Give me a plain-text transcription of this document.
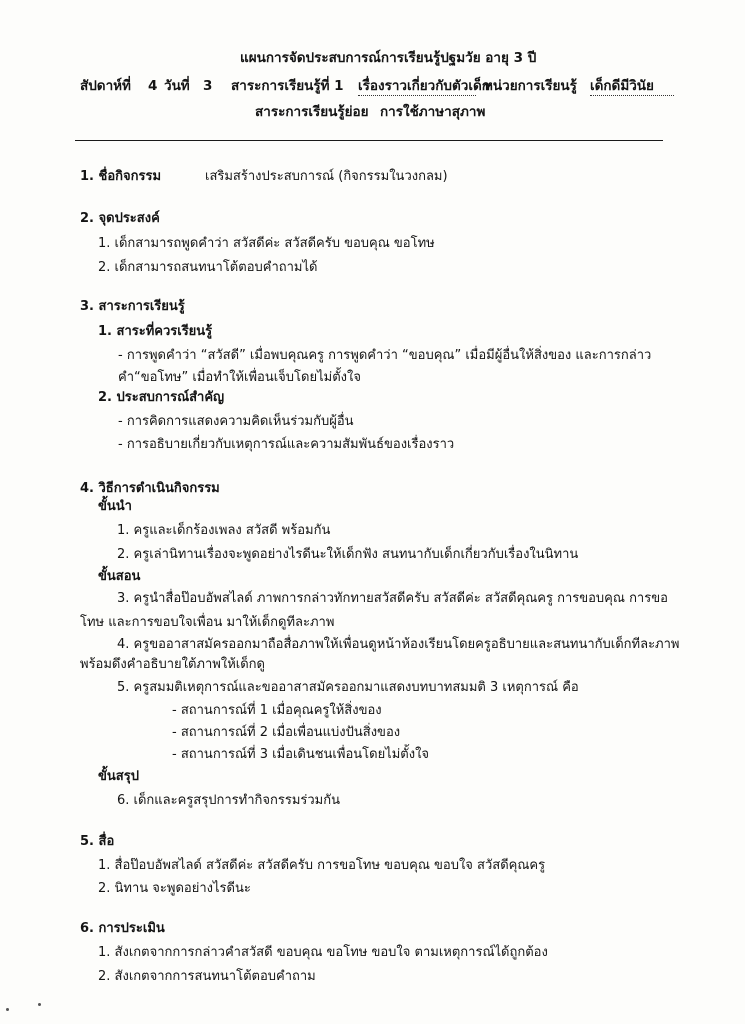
แผนการจัดประสบการณ์การเรียนรู้ปฐมวัย อายุ 3 ปี
สัปดาห์ที่ 4 วันที่ 3 สาระการเรียนรู้ที่ 1 เรื่องราวเกี่ยวกับตัวเด็ก
หน่วยการเรียนรู้ เด็กดีมีวินัย
สาระการเรียนรู้ย่อย การใช้ภาษาสุภาพ
1. ชื่อกิจกรรม	เสริมสร้างประสบการณ์ (กิจกรรมในวงกลม)
2. จุดประสงค์
1. เด็กสามารถพูดคำว่า สวัสดีค่ะ สวัสดีครับ ขอบคุณ ขอโทษ
2. เด็กสามารถสนทนาโต้ตอบคำถามได้
3. สาระการเรียนรู้
1. สาระที่ควรเรียนรู้
- การพูดคำว่า “สวัสดี” เมื่อพบคุณครู การพูดคำว่า “ขอบคุณ” เมื่อมีผู้อื่นให้สิ่งของ และการกล่าว
คำ“ขอโทษ” เมื่อทำให้เพื่อนเจ็บโดยไม่ตั้งใจ
2. ประสบการณ์สำคัญ
- การคิดการแสดงความคิดเห็นร่วมกับผู้อื่น
- การอธิบายเกี่ยวกับเหตุการณ์และความสัมพันธ์ของเรื่องราว
4. วิธีการดำเนินกิจกรรม
ขั้นนำ
1. ครูและเด็กร้องเพลง สวัสดี พร้อมกัน
2. ครูเล่านิทานเรื่องจะพูดอย่างไรดีนะให้เด็กฟัง สนทนากับเด็กเกี่ยวกับเรื่องในนิทาน
ขั้นสอน
3. ครูนำสื่อป๊อบอัพสไลด์ ภาพการกล่าวทักทายสวัสดีครับ สวัสดีค่ะ สวัสดีคุณครู การขอบคุณ การขอ
โทษ และการขอบใจเพื่อน มาให้เด็กดูทีละภาพ
4. ครูขออาสาสมัครออกมาถือสื่อภาพให้เพื่อนดูหน้าห้องเรียนโดยครูอธิบายและสนทนากับเด็กทีละภาพ
พร้อมดึงคำอธิบายใต้ภาพให้เด็กดู
5. ครูสมมติเหตุการณ์และขออาสาสมัครออกมาแสดงบทบาทสมมติ 3 เหตุการณ์ คือ
- สถานการณ์ที่ 1 เมื่อคุณครูให้สิ่งของ
- สถานการณ์ที่ 2 เมื่อเพื่อนแบ่งปันสิ่งของ
- สถานการณ์ที่ 3 เมื่อเดินชนเพื่อนโดยไม่ตั้งใจ
ขั้นสรุป
6. เด็กและครูสรุปการทำกิจกรรมร่วมกัน
5. สื่อ
1. สื่อป๊อบอัพสไลด์ สวัสดีค่ะ สวัสดีครับ การขอโทษ ขอบคุณ ขอบใจ สวัสดีคุณครู
2. นิทาน จะพูดอย่างไรดีนะ
6. การประเมิน
1. สังเกตจากการกล่าวคำสวัสดี ขอบคุณ ขอโทษ ขอบใจ ตามเหตุการณ์ได้ถูกต้อง
2. สังเกตจากการสนทนาโต้ตอบคำถาม
